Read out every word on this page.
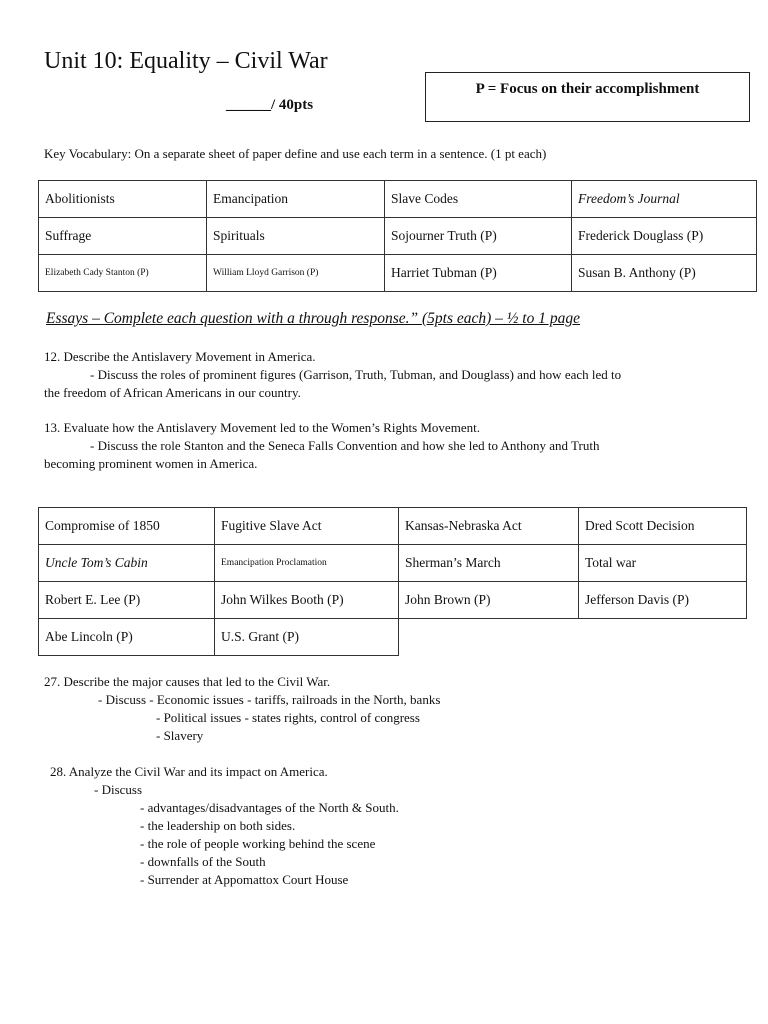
Unit 10: Equality – Civil War
______/ 40pts
P = Focus on their accomplishment
Key Vocabulary: On a separate sheet of paper define and use each term in a sentence. (1 pt each)
Abolitionists	Emancipation	Slave Codes	Freedom’s Journal
Suffrage	Spirituals	Sojourner Truth (P)	Frederick Douglass (P)
Elizabeth Cady Stanton (P)	William Lloyd Garrison (P)	Harriet Tubman (P)	Susan B. Anthony (P)
Essays – Complete each question with a through response.” (5pts each) – ½ to 1 page

12. Describe the Antislavery Movement in America.

- Discuss the roles of prominent figures (Garrison, Truth, Tubman, and Douglass) and how each led to

the freedom of African Americans in our country.

13. Evaluate how the Antislavery Movement led to the Women’s Rights Movement.

- Discuss the role Stanton and the Seneca Falls Convention and how she led to Anthony and Truth

becoming prominent women in America.

Compromise of 1850	Fugitive Slave Act	Kansas-Nebraska Act	Dred Scott Decision
Uncle Tom’s Cabin	Emancipation Proclamation	Sherman’s March	Total war
Robert E. Lee (P)	John Wilkes Booth (P)	John Brown (P)	Jefferson Davis (P)
Abe Lincoln (P)	U.S. Grant (P)		

27. Describe the major causes that led to the Civil War.

- Discuss - Economic issues - tariffs, railroads in the North, banks

- Political issues - states rights, control of congress

- Slavery

28. Analyze the Civil War and its impact on America.

- Discuss

- advantages/disadvantages of the North & South.

- the leadership on both sides.

- the role of people working behind the scene

- downfalls of the South

- Surrender at Appomattox Court House
